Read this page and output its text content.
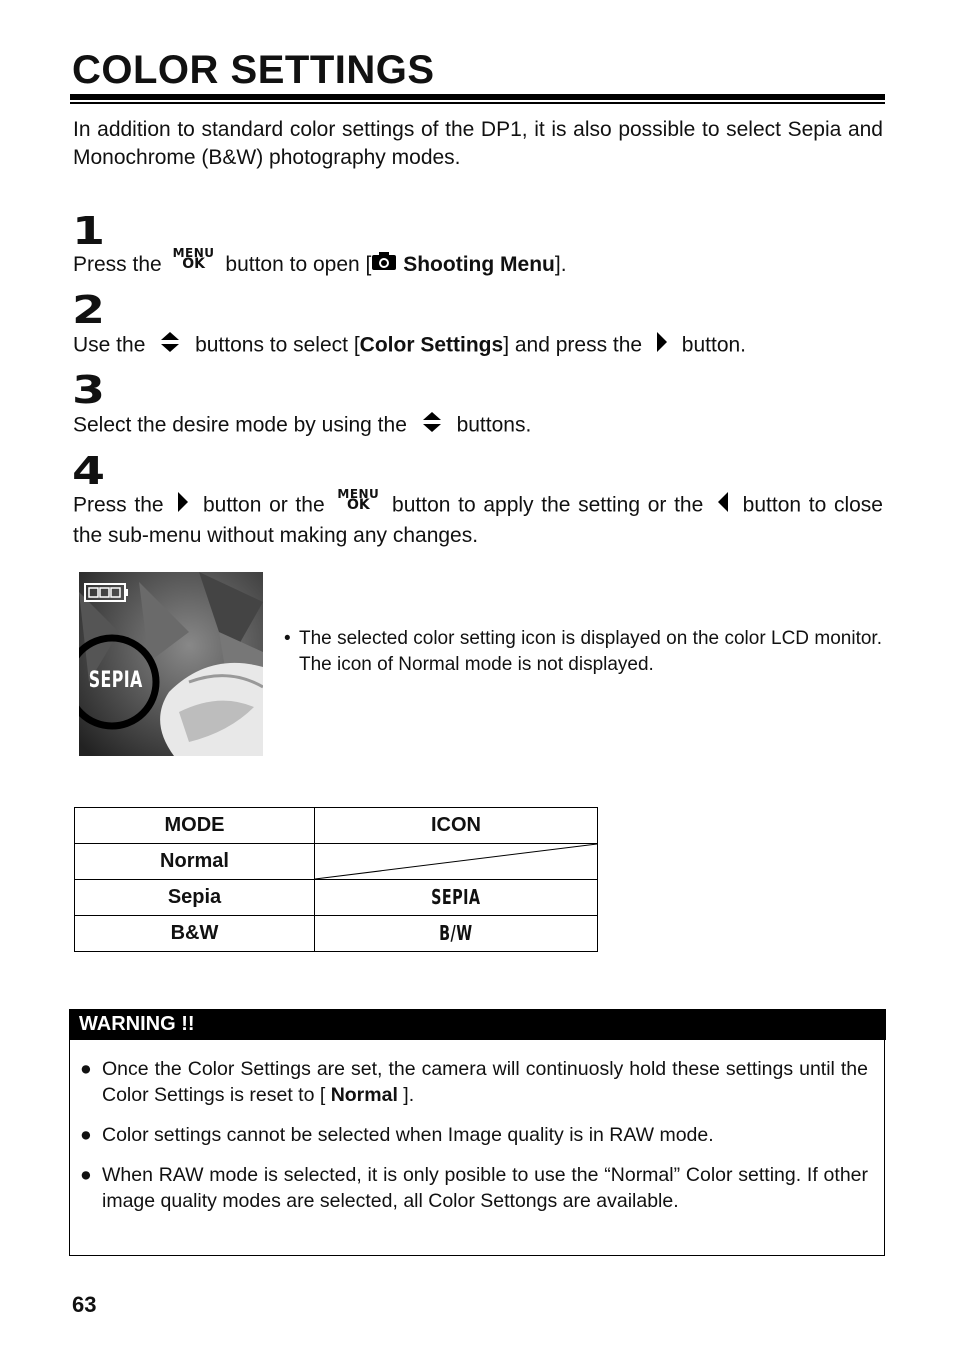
COLOR SETTINGS
In addition to standard color settings of the DP1, it is also possible to select Sepia and Monochrome (B&W) photography modes.
1
Press the MENU
OK button to open [ Shooting Menu].
2
Use the buttons to select [Color Settings] and press the button.
3
Select the desire mode by using the buttons.
4
Press the button or the	MENU
OK	button to apply the setting or the button to close the sub-menu without making any changes.
SEPIA
• The selected color setting icon is displayed on the color LCD monitor. The icon of Normal mode is not displayed.
MODE	ICON
Normal	

Sepia	SEPIA
B&W	B/W
WARNING !!
● Once the Color Settings are set, the camera will continuosly hold these settings until the Color Settings is reset to [ Normal ].
● Color settings cannot be selected when Image quality is in RAW mode.
● When RAW mode is selected, it is only posible to use the “Normal” Color setting. If other image quality modes are selected, all Color Settongs are available.
63
